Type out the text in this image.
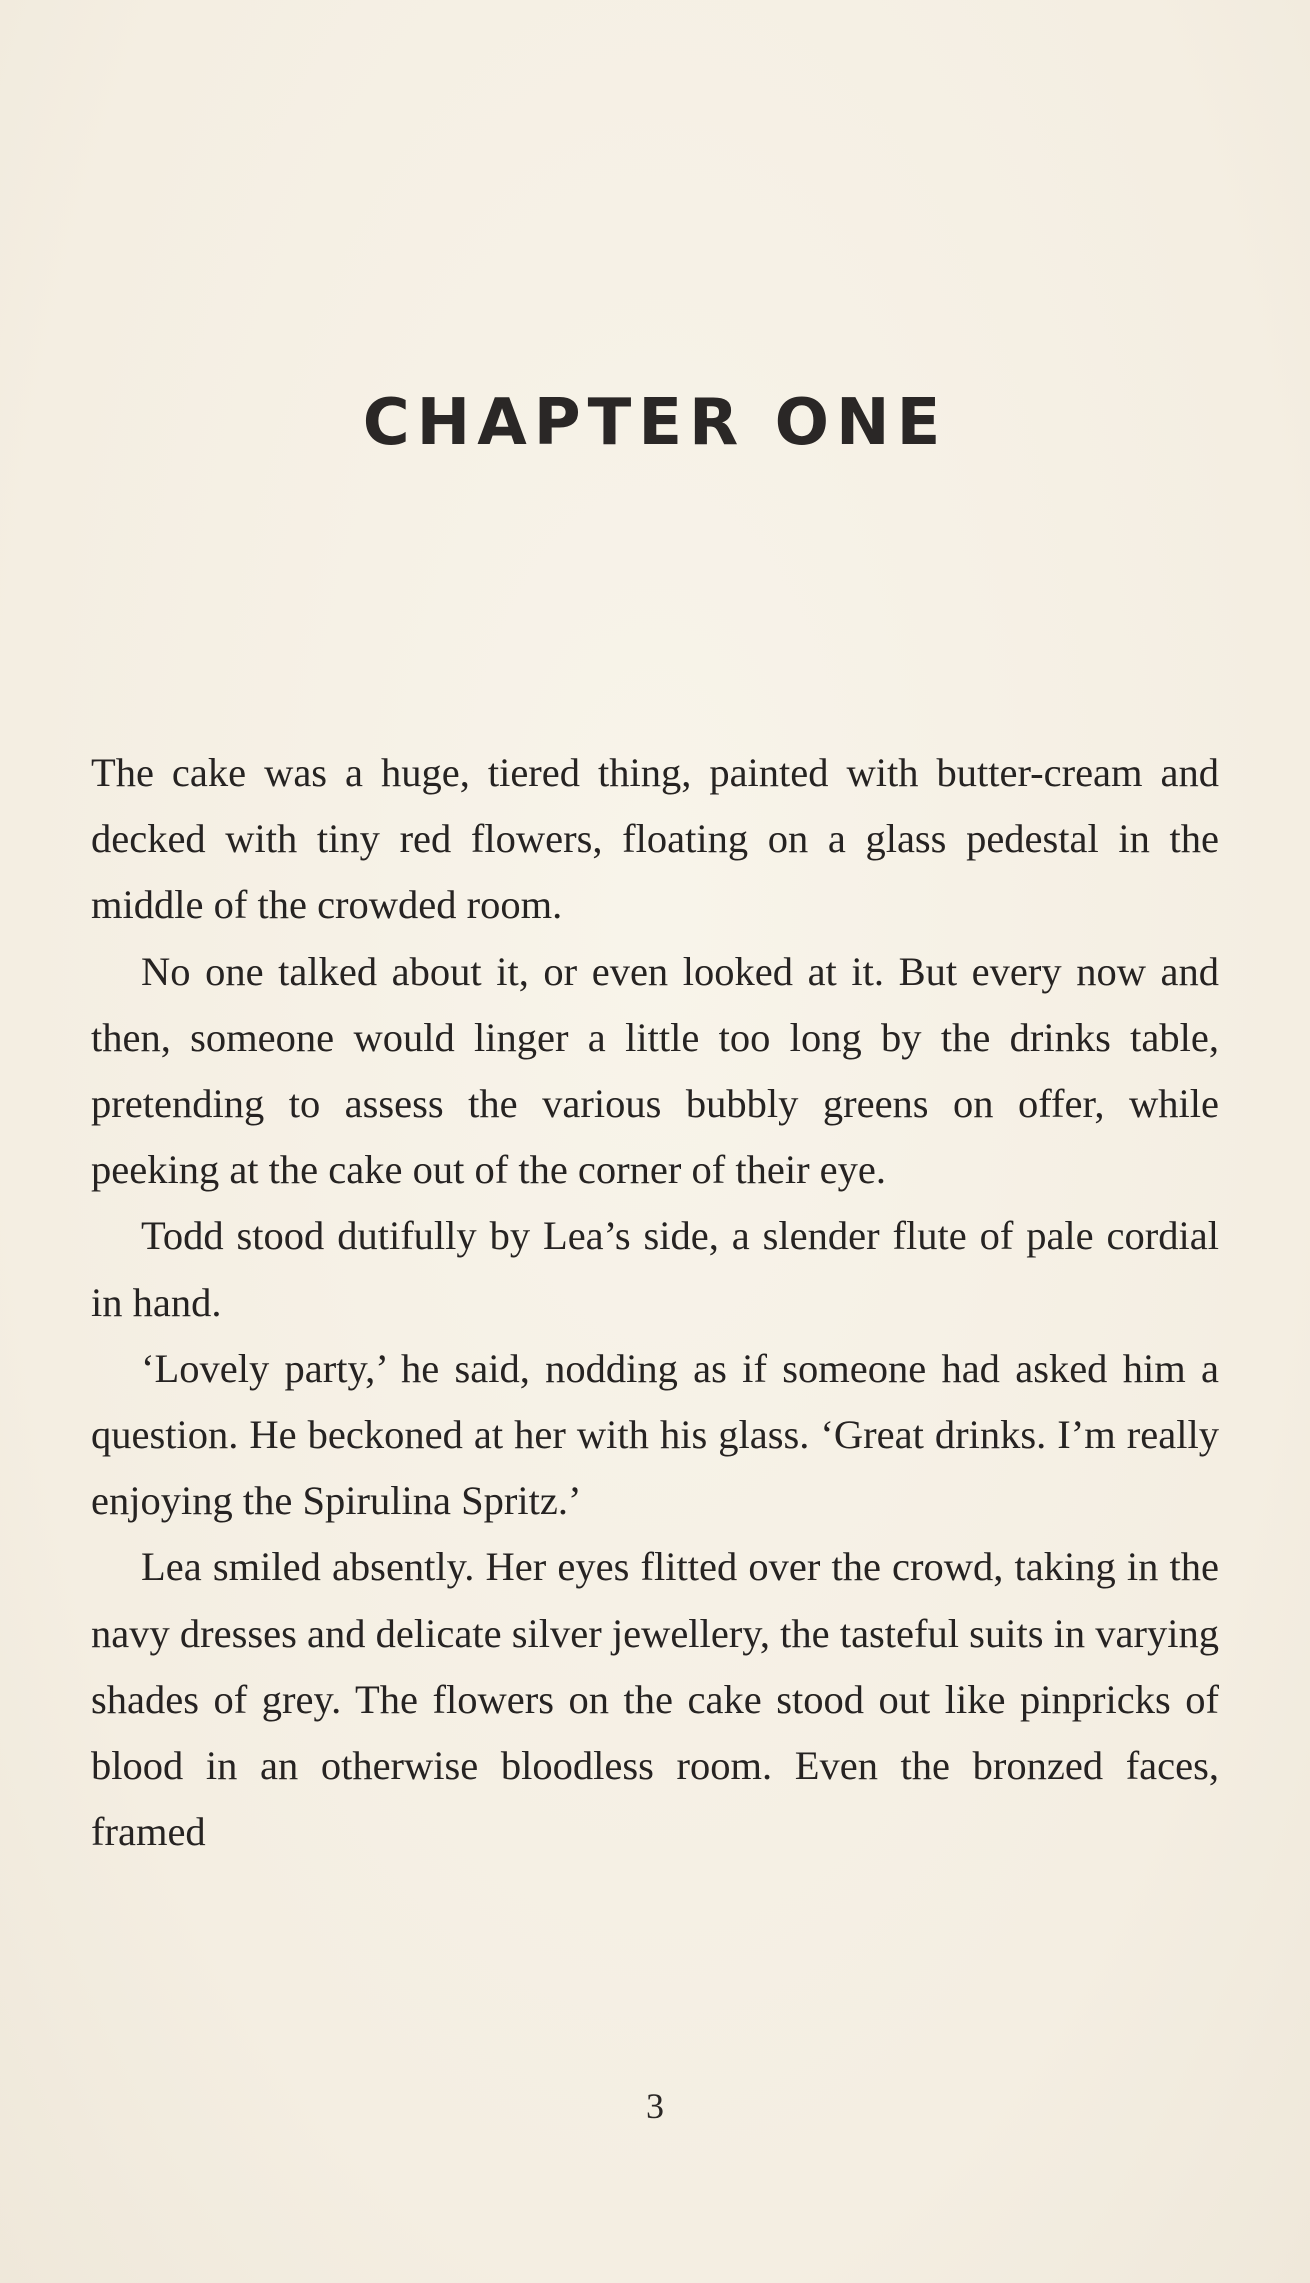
CHAPTER ONE

The cake was a huge, tiered thing, painted with butter-cream and decked with tiny red flowers, floating on a glass pedestal in the middle of the crowded room.

No one talked about it, or even looked at it. But every now and then, someone would linger a little too long by the drinks table, pretending to assess the various bubbly greens on offer, while peeking at the cake out of the corner of their eye.

Todd stood dutifully by Lea’s side, a slender flute of pale cordial in hand.

‘Lovely party,’ he said, nodding as if someone had asked him a question. He beckoned at her with his glass. ‘Great drinks. I’m really enjoying the Spirulina Spritz.’

Lea smiled absently. Her eyes flitted over the crowd, taking in the navy dresses and delicate silver jewellery, the tasteful suits in varying shades of grey. The flowers on the cake stood out like pinpricks of blood in an otherwise bloodless room. Even the bronzed faces, framed

3
